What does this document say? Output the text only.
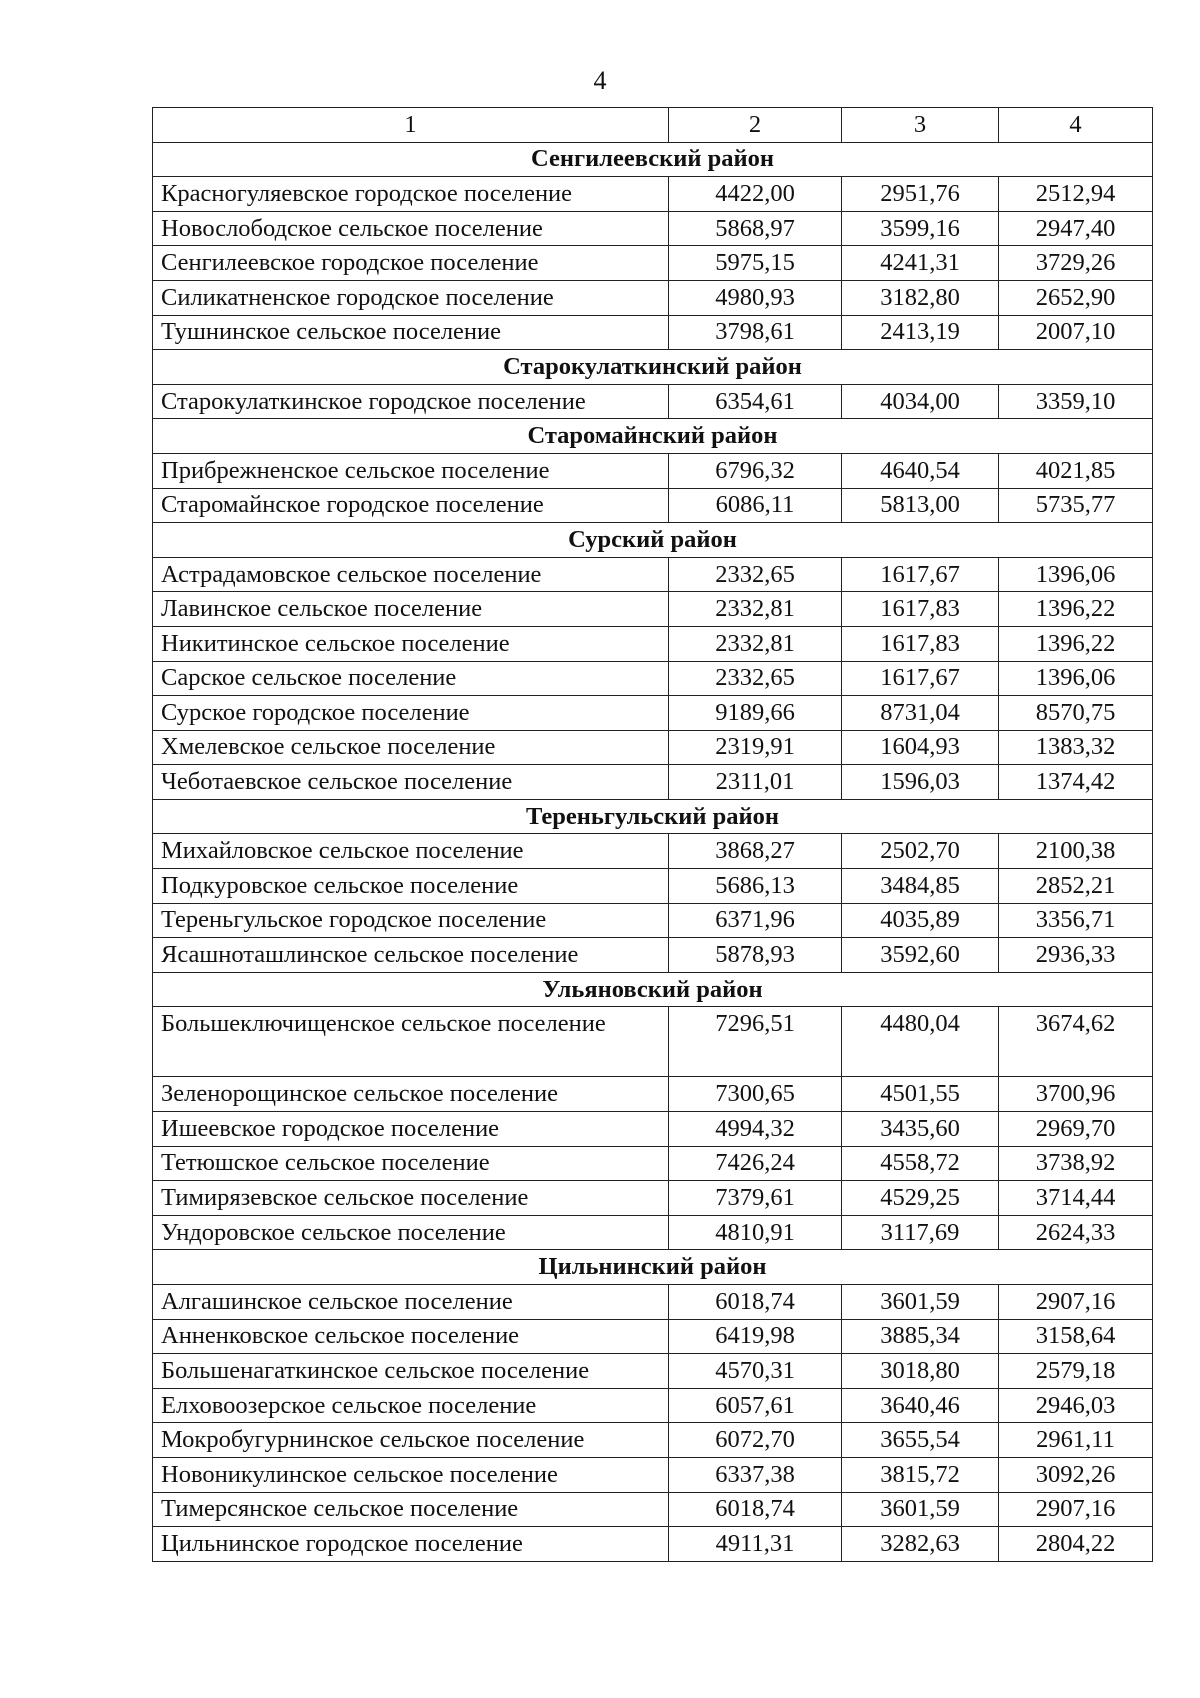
4
1	2	3	4
Сенгилеевский район			
Красногуляевское городское поселение	4422,00	2951,76	2512,94
Новослободское сельское поселение	5868,97	3599,16	2947,40
Сенгилеевское городское поселение	5975,15	4241,31	3729,26
Силикатненское городское поселение	4980,93	3182,80	2652,90
Тушнинское сельское поселение	3798,61	2413,19	2007,10
Старокулаткинский район			
Старокулаткинское городское поселение	6354,61	4034,00	3359,10
Старомайнский район			
Прибрежненское сельское поселение	6796,32	4640,54	4021,85
Старомайнское городское поселение	6086,11	5813,00	5735,77
Сурский район			
Астрадамовское сельское поселение	2332,65	1617,67	1396,06
Лавинское сельское поселение	2332,81	1617,83	1396,22
Никитинское сельское поселение	2332,81	1617,83	1396,22
Сарское сельское поселение	2332,65	1617,67	1396,06
Сурское городское поселение	9189,66	8731,04	8570,75
Хмелевское сельское поселение	2319,91	1604,93	1383,32
Чеботаевское сельское поселение	2311,01	1596,03	1374,42
Тереньгульский район			
Михайловское сельское поселение	3868,27	2502,70	2100,38
Подкуровское сельское поселение	5686,13	3484,85	2852,21
Тереньгульское городское поселение	6371,96	4035,89	3356,71
Ясашноташлинское сельское поселение	5878,93	3592,60	2936,33
Ульяновский район			
Большеключищенское сельское поселение	7296,51	4480,04	3674,62
Зеленорощинское сельское поселение	7300,65	4501,55	3700,96
Ишеевское городское поселение	4994,32	3435,60	2969,70
Тетюшское сельское поселение	7426,24	4558,72	3738,92
Тимирязевское сельское поселение	7379,61	4529,25	3714,44
Ундоровское сельское поселение	4810,91	3117,69	2624,33
Цильнинский район			
Алгашинское сельское поселение	6018,74	3601,59	2907,16
Анненковское сельское поселение	6419,98	3885,34	3158,64
Большенагаткинское сельское поселение	4570,31	3018,80	2579,18
Елховоозерское сельское поселение	6057,61	3640,46	2946,03
Мокробугурнинское сельское поселение	6072,70	3655,54	2961,11
Новоникулинское сельское поселение	6337,38	3815,72	3092,26
Тимерсянское сельское поселение	6018,74	3601,59	2907,16
Цильнинское городское поселение	4911,31	3282,63	2804,22
